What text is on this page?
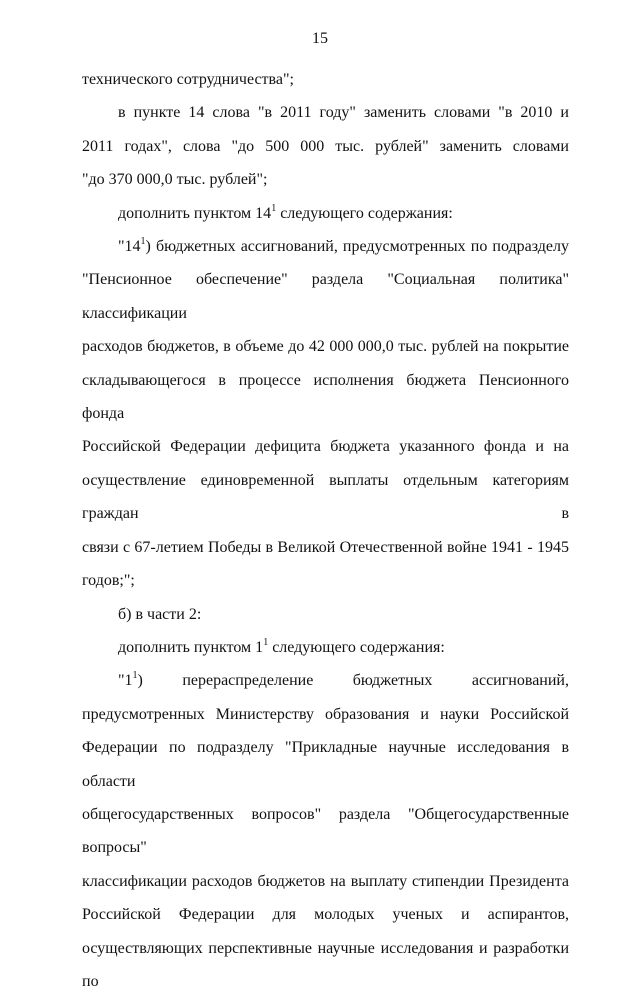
15

технического сотрудничества";

в пункте 14 слова "в 2011 году" заменить словами "в 2010 и
2011 годах", слова "до 500 000 тыс. рублей" заменить словами
"до 370 000,0 тыс. рублей";

дополнить пунктом $14^1$ следующего содержания:

"$14^1$) бюджетных ассигнований, предусмотренных по подразделу
"Пенсионное обеспечение" раздела "Социальная политика" классификации
расходов бюджетов, в объеме до 42 000 000,0 тыс. рублей на покрытие
складывающегося в процессе исполнения бюджета Пенсионного фонда
Российской Федерации дефицита бюджета указанного фонда и на
осуществление единовременной выплаты отдельным категориям граждан в
связи с 67-летием Победы в Великой Отечественной войне 1941 - 1945
годов;";

б) в части 2:

дополнить пунктом $1^1$ следующего содержания:

"$1^1$) перераспределение бюджетных ассигнований,
предусмотренных Министерству образования и науки Российской
Федерации по подразделу "Прикладные научные исследования в области
общегосударственных вопросов" раздела "Общегосударственные вопросы"
классификации расходов бюджетов на выплату стипендии Президента
Российской Федерации для молодых ученых и аспирантов,
осуществляющих перспективные научные исследования и разработки по
